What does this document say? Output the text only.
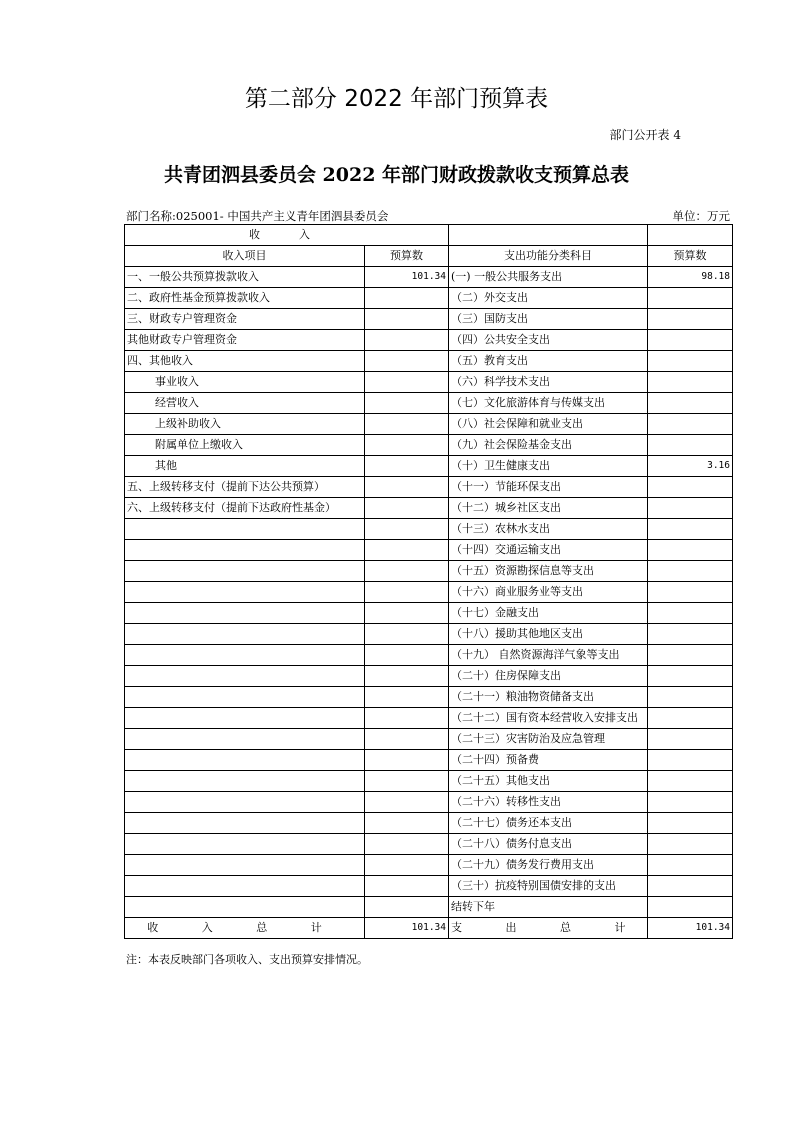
第二部分 2022 年部门预算表
部门公开表 4
共青团泗县委员会 2022 年部门财政拨款收支预算总表
部门名称:025001- 中国共产主义青年团泗县委员会	单位：万元
收　入			
收入项目	预算数	支出功能分类科目	预算数
一、一般公共预算拨款收入	101.34	(一) 一般公共服务支出	98.18
二、政府性基金预算拨款收入		（二）外交支出	
三、财政专户管理资金		（三）国防支出	
其他财政专户管理资金		（四）公共安全支出	
四、其他收入		（五）教育支出	
事业收入		（六）科学技术支出	
经营收入		（七）文化旅游体育与传媒支出	
上级补助收入		（八）社会保障和就业支出	
附属单位上缴收入		（九）社会保险基金支出	
其他		（十）卫生健康支出	3.16
五、上级转移支付（提前下达公共预算）		（十一）节能环保支出	
六、上级转移支付（提前下达政府性基金）		（十二）城乡社区支出	
		（十三）农林水支出	
		（十四）交通运输支出	
		（十五）资源勘探信息等支出	
		（十六）商业服务业等支出	
		（十七）金融支出	
		（十八）援助其他地区支出	
		（十九） 自然资源海洋气象等支出	
		（二十）住房保障支出	
		（二十一）粮油物资储备支出	
		（二十二）国有资本经营收入安排支出	
		（二十三）灾害防治及应急管理	
		（二十四）预备费	
		（二十五）其他支出	
		（二十六）转移性支出	
		（二十七）债务还本支出	
		（二十八）债务付息支出	
		（二十九）债务发行费用支出	
		（三十）抗疫特别国债安排的支出	
		结转下年	
收 入 总 计	101.34	支 出 总 计	101.34
注：本表反映部门各项收入、支出预算安排情况。
